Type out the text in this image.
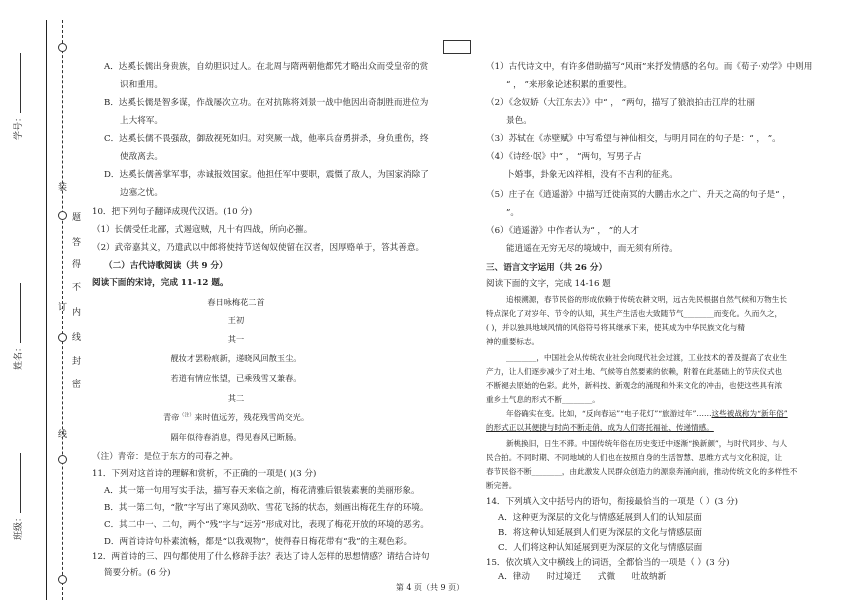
装
订
线
密
封
线
内
不
得
答
题
班级：
姓名：
学号：
A．达奚长儒出身贵族，自幼胆识过人。在北周与隋两朝他都凭才略出众而受皇帝的赏
识和重用。
B．达奚长儒是智多谋，作战屡次立功。在对抗陈将刘景一战中他因出奇制胜而进位为
上大将军。
C．达奚长儒不畏强敌，御敌视死如归。对突厥一战，他率兵奋勇拼杀，身负重伤，终
使敌离去。
D．达奚长儒善掌军事，赤诚报效国家。他担任军中要职，震慑了敌人，为国家消除了
边塞之忧。
10．把下列句子翻译成现代汉语。(10 分)
（1）长儒受任北鄙，式遏寇贼，凡十有四战，所向必摧。
（2）武帝嘉其义，乃遣武以中郎将使持节送匈奴使留在汉者，因厚赂单于，答其善意。
（二）古代诗歌阅读（共 9 分）
阅读下面的宋诗，完成 11-12 题。
春日咏梅花二首
王初
其一
靓妆才罢粉痕新，递晓风回散玉尘。
若道有情应怅望，已乘残雪又兼春。
其二
青帝$^{(注)}$来时值远芳，残花残雪尚交光。
隔年似待春消息，得见春风已断肠。
（注）青帝：是位于东方的司春之神。
11．下列对这首诗的理解和赏析，不正确的一项是( )(3 分)
A．其一第一句用写实手法，描写春天来临之前，梅花清雅后银装素裹的美丽形象。
B．其一第二句，“散”字写出了寒风劲吹、雪花飞扬的状态，刻画出梅花生存的环境。
C．其二中一、二句，两个“残”字与“远芳”形成对比，表现了梅花开放的环境的恶劣。
D．两首诗诗句朴素流畅，都是“以我观物”，使得春日梅花带有“我”的主观色彩。
12．两首诗的三、四句都使用了什么修辞手法？表达了诗人怎样的思想情感？请结合诗句
简要分析。(6 分)
（1）古代诗文中，有许多借助描写“风雨”来抒发情感的名句。而《荀子·劝学》中则用
“ ， ”来形象论述积累的重要性。
（2）《念奴娇（大江东去）》中“ ， ”两句，描写了狼浪拍击江岸的壮丽
景色。
（3）苏轼在《赤壁赋》中写希望与神仙相交，与明月同在的句子是：“ ， ”。
（4）《诗经·氓》中“ ， ”两句，写男子占
卜婚事，卦象无凶祥相，没有不吉利的征兆。
（5）庄子在《逍遥游》中描写迁徙南冥的大鹏击水之广、升天之高的句子是“ ，
”。
（6）《逍遥游》中作者认为“ ， ”的人才
能逍遥在无穷无尽的境域中，而无须有所待。
三、语言文字运用（共 26 分）
阅读下面的文字，完成 14-16 题
追根溯源，春节民俗的形成依赖于传统农耕文明，远古先民根据自然气候和万物生长
特点深化了对岁年、节令的认知，其生产生活也大致随节气________而变化。久而久之，
( )，并以独具地域风情的风俗符号将其继承下来，使其成为中华民族文化与精
神的重要标志。
________，中国社会从传统农业社会向现代社会过渡，工业技术的普及提高了农业生
产力，让人们逐步减少了对土地、气候等自然要素的依赖，附着在此基础上的节庆仪式也
不断褪去原始的色彩。此外，新科技、新观念的涌现和外来文化的冲击，也使这些具有浓
重乡土气息的形式不断________。
年俗确实在变。比如，“反向春运”“电子花灯”“旅游过年”……这些被战称为“新年俗”
的形式正以其便捷与时尚不断走俏，成为人们寄托福祉、传递情感。
新桃换旧，日生不滞。中国传统年俗在历史变迁中逐渐“换新颜”，与时代同步、与人
民合拍。不同时期、不同地域的人们也在按照自身的生活智慧、思维方式与文化积淀，让
春节民俗不断________，由此激发人民群众创造力的源泉奔涌向前，推动传统文化的多样性不
断完善。
14．下列填入文中括号内的语句，衔接最恰当的一项是（ ）(3 分)
A．这种更为深层的文化与情感延展到人们的认知层面
B．将这种认知延展到人们更为深层的文化与情感层面
C．人们将这种认知延展到更为深层的文化与情感层面
15．依次填入文中横线上的词语，全都恰当的一项是（ ）(3 分)
A．律动 时过境迁 式微 吐故纳新
第 4 页（共 9 页）
